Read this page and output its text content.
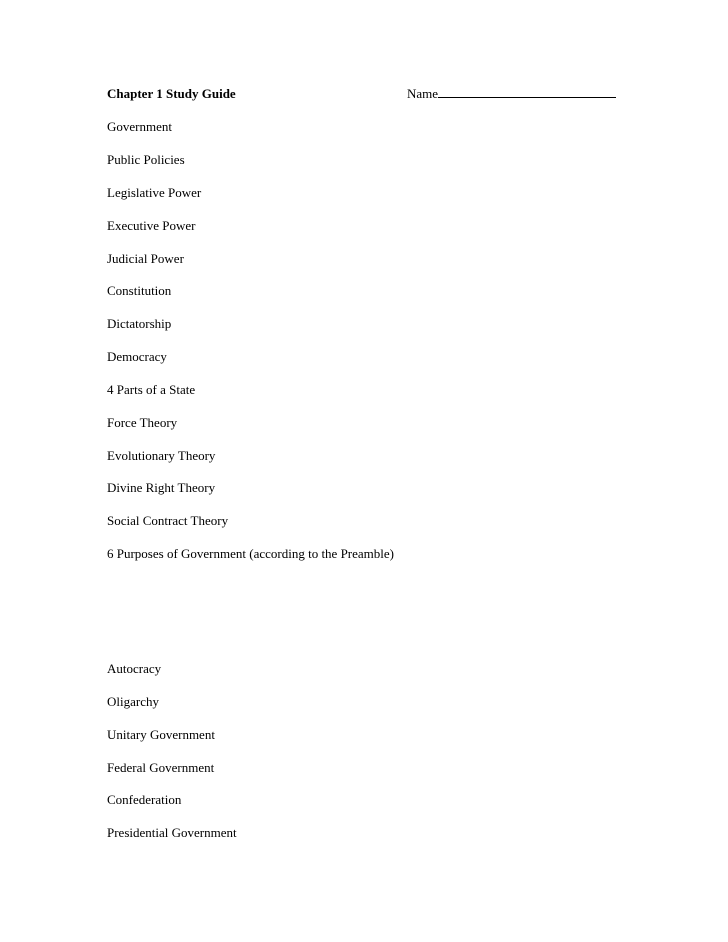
Chapter 1 Study Guide	Name
Government
Public Policies
Legislative Power
Executive Power
Judicial Power
Constitution
Dictatorship
Democracy
4 Parts of a State
Force Theory
Evolutionary Theory
Divine Right Theory
Social Contract Theory
6 Purposes of Government (according to the Preamble)
Autocracy
Oligarchy
Unitary Government
Federal Government
Confederation
Presidential Government
